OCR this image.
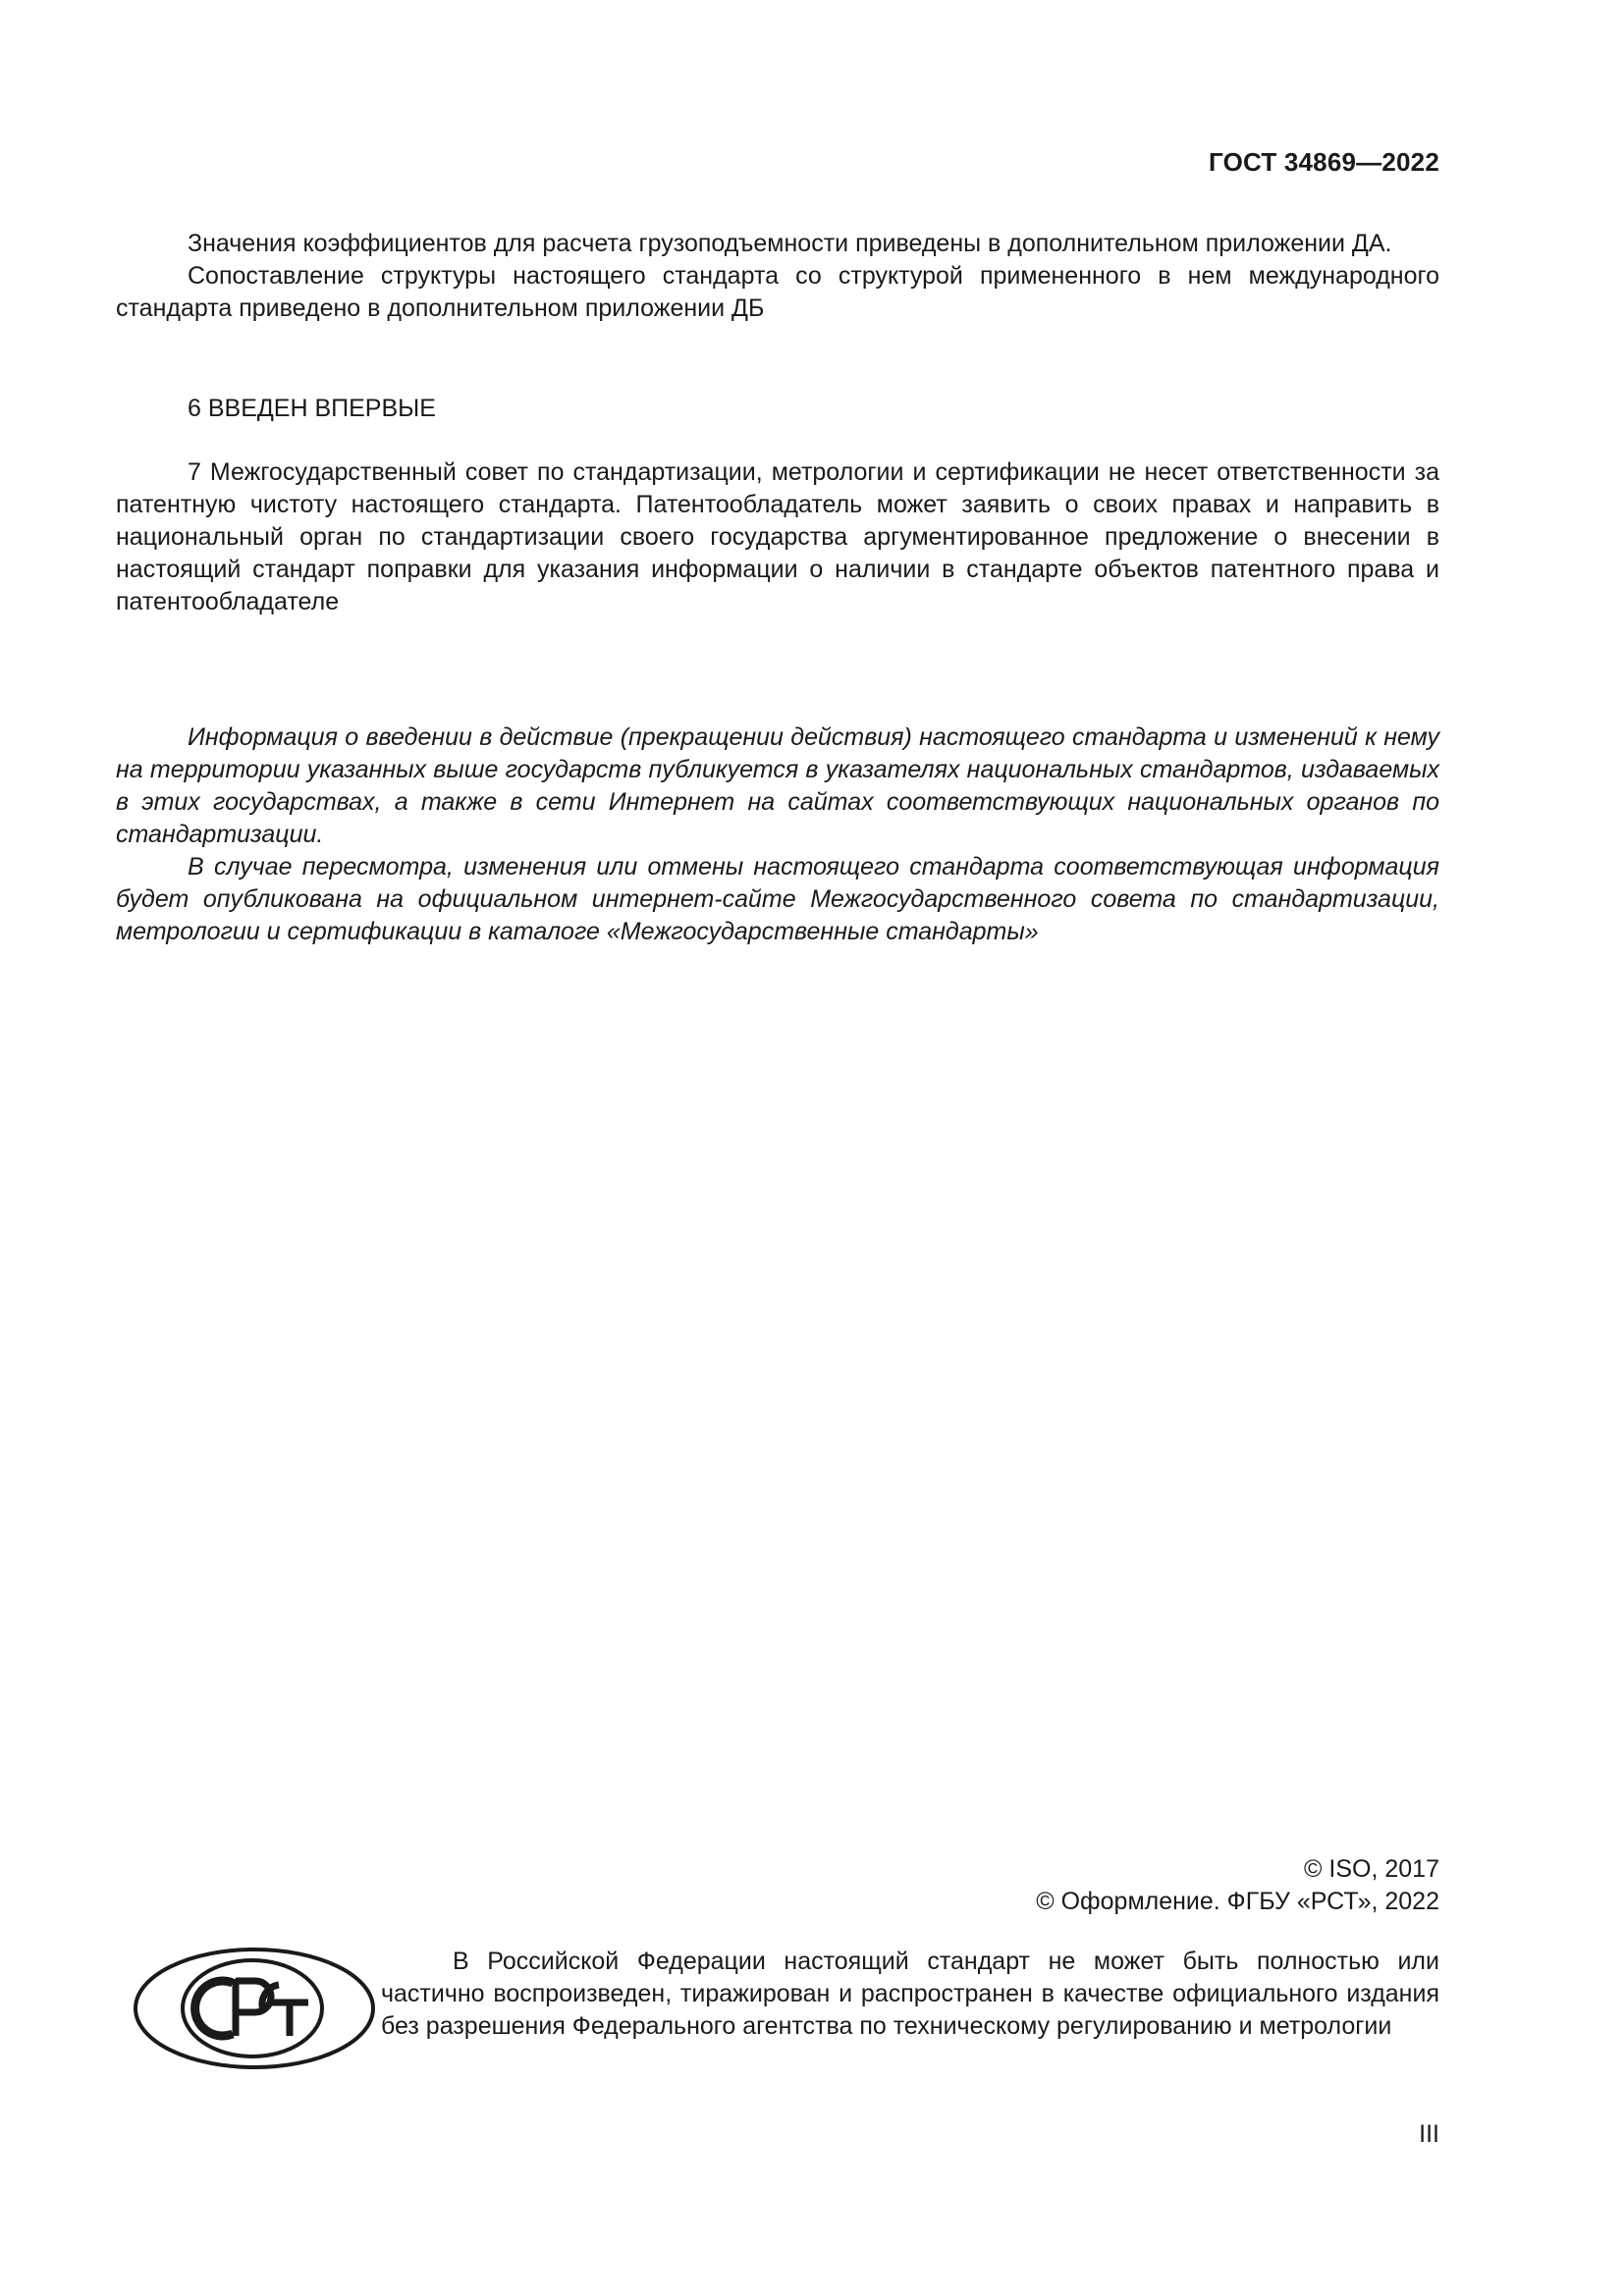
ГОСТ 34869—2022

Значения коэффициентов для расчета грузоподъемности приведены в дополнительном приложении ДА.

Сопоставление структуры настоящего стандарта со структурой примененного в нем международного стандарта приведено в дополнительном приложении ДБ

6 ВВЕДЕН ВПЕРВЫЕ

7 Межгосударственный совет по стандартизации, метрологии и сертификации не несет ответственности за патентную чистоту настоящего стандарта. Патентообладатель может заявить о своих правах и направить в национальный орган по стандартизации своего государства аргументированное предложение о внесении в настоящий стандарт поправки для указания информации о наличии в стандарте объектов патентного права и патентообладателе

Информация о введении в действие (прекращении действия) настоящего стандарта и изменений к нему на территории указанных выше государств публикуется в указателях национальных стандартов, издаваемых в этих государствах, а также в сети Интернет на сайтах соответствующих национальных органов по стандартизации.

В случае пересмотра, изменения или отмены настоящего стандарта соответствующая информация будет опубликована на официальном интернет-сайте Межгосударственного совета по стандартизации, метрологии и сертификации в каталоге «Межгосударственные стандарты»

© ISO, 2017
© Оформление. ФГБУ «РСТ», 2022

В Российской Федерации настоящий стандарт не может быть полностью или частично воспроизведен, тиражирован и распространен в качестве официального издания без разрешения Федерального агентства по техническому регулированию и метрологии

III
